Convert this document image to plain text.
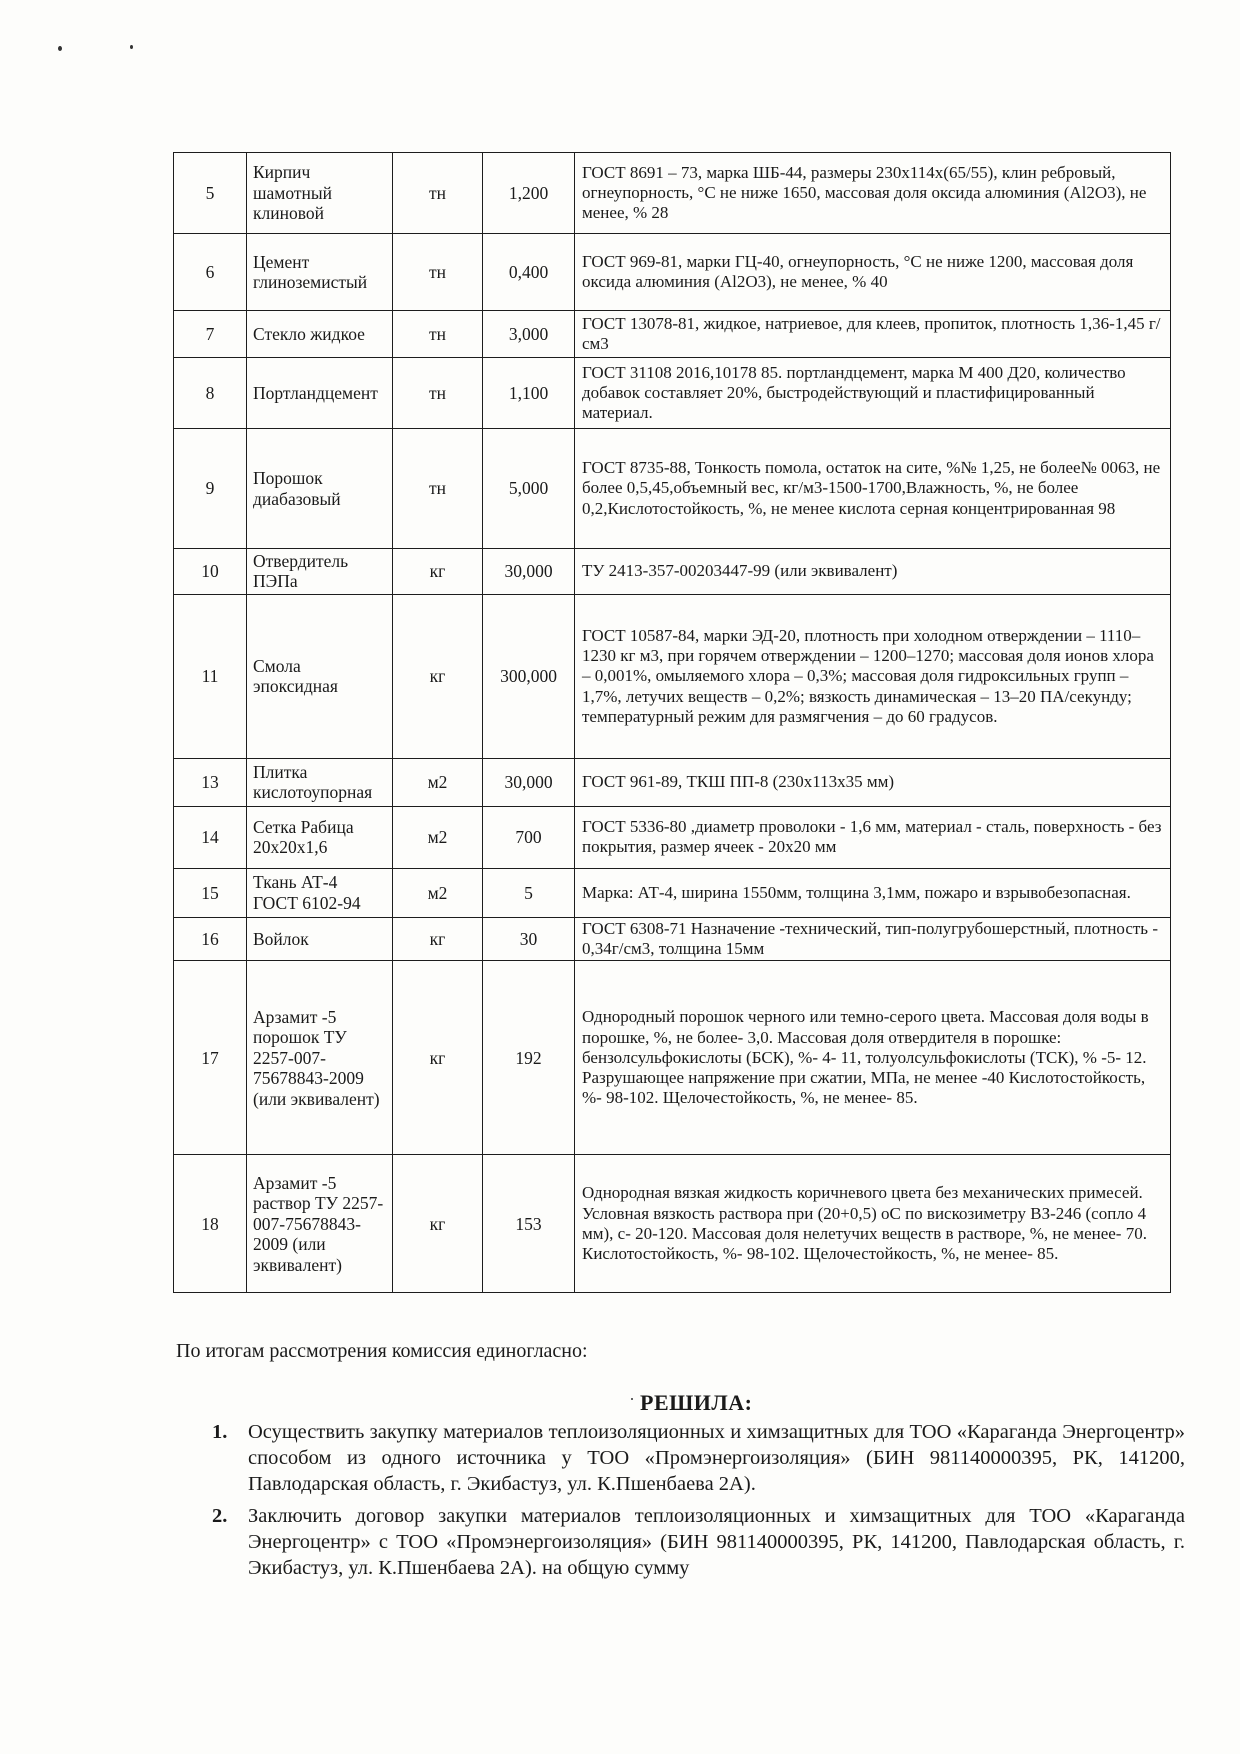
5	Кирпич шамотный клиновой	тн	1,200	ГОСТ 8691 – 73, марка ШБ-44, размеры 230х114х(65/55), клин ребровый, огнеупорность, °С не ниже 1650, массовая доля оксида алюминия (Al2O3), не менее, % 28
6	Цемент глиноземистый	тн	0,400	ГОСТ 969-81, марки ГЦ-40, огнеупорность, °С не ниже 1200, массовая доля оксида алюминия (Al2O3), не менее, % 40
7	Стекло жидкое	тн	3,000	ГОСТ 13078-81, жидкое, натриевое, для клеев, пропиток, плотность 1,36-1,45 г/см3
8	Портландцемент	тн	1,100	ГОСТ 31108 2016,10178 85. портландцемент, марка М 400 Д20, количество добавок составляет 20%, быстродействующий и пластифицированный материал.
9	Порошок диабазовый	тн	5,000	ГОСТ 8735-88, Тонкость помола, остаток на сите, %№ 1,25, не более№ 0063, не более 0,5,45,объемный вес, кг/м3-1500-1700,Влажность, %, не более 0,2,Кислотостойкость, %, не менее кислота серная концентрированная 98
10	Отвердитель ПЭПа	кг	30,000	ТУ 2413-357-00203447-99 (или эквивалент)
11	Смола эпоксидная	кг	300,000	ГОСТ 10587-84, марки ЭД-20, плотность при холодном отверждении – 1110–1230 кг м3, при горячем отверждении – 1200–1270; массовая доля ионов хлора – 0,001%, омыляемого хлора – 0,3%; массовая доля гидроксильных групп – 1,7%, летучих веществ – 0,2%; вязкость динамическая – 13–20 ПА/секунду; температурный режим для размягчения – до 60 градусов.
13	Плитка кислотоупорная	м2	30,000	ГОСТ 961-89, ТКШ ПП-8 (230х113х35 мм)
14	Сетка Рабица 20х20х1,6	м2	700	ГОСТ 5336-80 ,диаметр проволоки - 1,6 мм, материал - сталь, поверхность - без покрытия, размер ячеек - 20х20 мм
15	Ткань АТ-4 ГОСТ 6102-94	м2	5	Марка: АТ-4, ширина 1550мм, толщина 3,1мм, пожаро и взрывобезопасная.
16	Войлок	кг	30	ГОСТ 6308-71 Назначение -технический, тип-полугрубошерстный, плотность - 0,34г/см3, толщина 15мм
17	Арзамит -5 порошок ТУ 2257-007-75678843-2009 (или эквивалент)	кг	192	Однородный порошок черного или темно-серого цвета. Массовая доля воды в порошке, %, не более- 3,0. Массовая доля отвердителя в порошке: бензолсульфокислоты (БСК), %- 4- 11, толуолсульфокислоты (ТСК), % -5- 12. Разрушающее напряжение при сжатии, МПа, не менее -40 Кислотостойкость, %- 98-102. Щелочестойкость, %, не менее- 85.
18	Арзамит -5 раствор ТУ 2257-007-75678843-2009 (или эквивалент)	кг	153	Однородная вязкая жидкость коричневого цвета без механических примесей. Условная вязкость раствора при (20+0,5) оС по вискозиметру ВЗ-246 (сопло 4 мм), с- 20-120. Массовая доля нелетучих веществ в растворе, %, не менее- 70. Кислотостойкость, %- 98-102. Щелочестойкость, %, не менее- 85.

По итогам рассмотрения комиссия единогласно:

РЕШИЛА:

1. Осуществить закупку материалов теплоизоляционных и химзащитных для ТОО «Караганда Энергоцентр» способом из одного источника у ТОО «Промэнергоизоляция» (БИН 981140000395, РК, 141200, Павлодарская область, г. Экибастуз, ул. К.Пшенбаева 2А).
2. Заключить договор закупки материалов теплоизоляционных и химзащитных для ТОО «Караганда Энергоцентр» с ТОО «Промэнергоизоляция» (БИН 981140000395, РК, 141200, Павлодарская область, г. Экибастуз, ул. К.Пшенбаева 2А). на общую сумму
